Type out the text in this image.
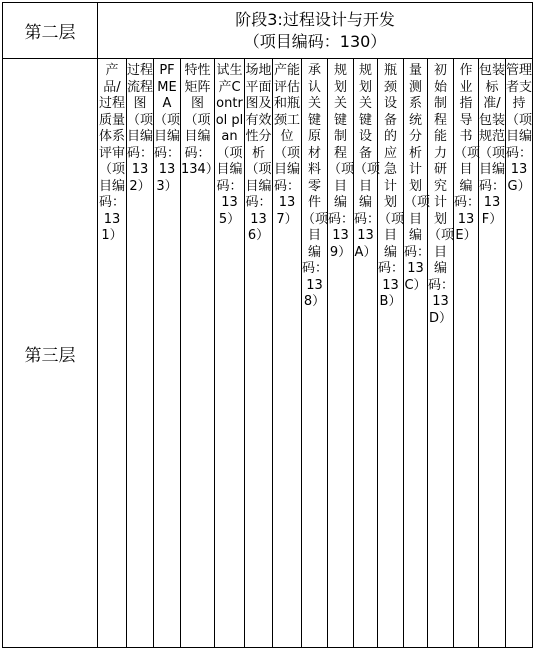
第二层	阶段3:过程设计与开发
（项目编码：130）															

第三层	产品/过程质量体系评审（项目编码：131）	过程流程图（项目编码：132）	PFMEA（项目编码：133）	特性矩阵图（项目编码：134）	试生产Control plan（项目编码：135）	场地平面图及有效性分析（项目编码：136）	产能评估和瓶颈工位（项目编码：137）	承认关键原材料零件（项目编码：138）	规划关键制程（项目编码：139）	规划关键设备（项目编码：13A）	瓶颈设备的应急计划（项目编码：13B）	量测系统分析计划（项目编码：13C）	初始制程能力研究计划（项目编码：13D）	作业指导书（项目编码：13E）	包装标准/包装规范（项目编码：13F）	管理者支持（项目编码：13G）
